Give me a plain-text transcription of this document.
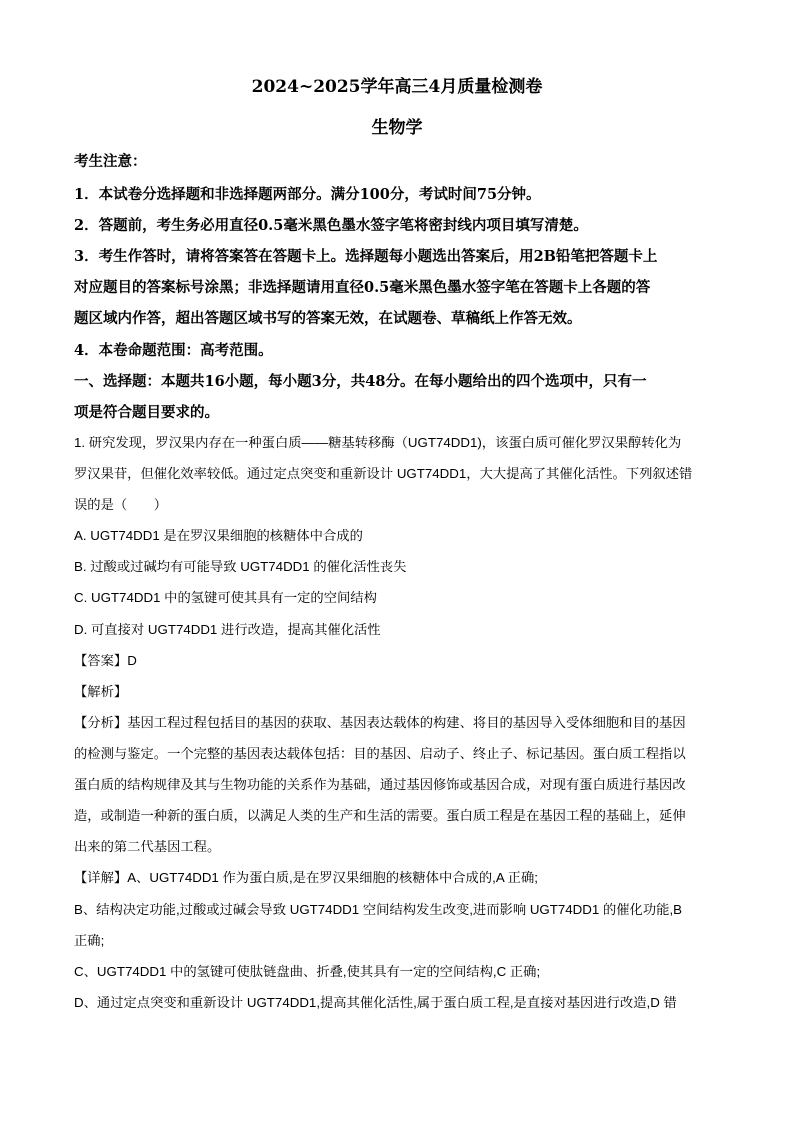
2024~2025学年高三4月质量检测卷
生物学
考生注意：
1．本试卷分选择题和非选择题两部分。满分100分，考试时间75分钟。
2．答题前，考生务必用直径0.5毫米黑色墨水签字笔将密封线内项目填写清楚。
3．考生作答时，请将答案答在答题卡上。选择题每小题选出答案后，用2B铅笔把答题卡上
对应题目的答案标号涂黑；非选择题请用直径0.5毫米黑色墨水签字笔在答题卡上各题的答
题区域内作答，超出答题区域书写的答案无效，在试题卷、草稿纸上作答无效。
4．本卷命题范围：高考范围。
一、选择题：本题共16小题，每小题3分，共48分。在每小题给出的四个选项中，只有一
项是符合题目要求的。
1. 研究发现，罗汉果内存在一种蛋白质——糖基转移酶（UGT74DD1)，该蛋白质可催化罗汉果醇转化为
罗汉果苷，但催化效率较低。通过定点突变和重新设计 UGT74DD1，大大提高了其催化活性。下列叙述错
误的是（　　）
A. UGT74DD1 是在罗汉果细胞的核糖体中合成的
B. 过酸或过碱均有可能导致 UGT74DD1 的催化活性丧失
C. UGT74DD1 中的氢键可使其具有一定的空间结构
D. 可直接对 UGT74DD1 进行改造，提高其催化活性
【答案】D
【解析】
【分析】基因工程过程包括目的基因的获取、基因表达载体的构建、将目的基因导入受体细胞和目的基因
的检测与鉴定。一个完整的基因表达载体包括：目的基因、启动子、终止子、标记基因。蛋白质工程指以
蛋白质的结构规律及其与生物功能的关系作为基础，通过基因修饰或基因合成，对现有蛋白质进行基因改
造，或制造一种新的蛋白质，以满足人类的生产和生活的需要。蛋白质工程是在基因工程的基础上，延伸
出来的第二代基因工程。
【详解】A、UGT74DD1 作为蛋白质,是在罗汉果细胞的核糖体中合成的,A 正确;
B、结构决定功能,过酸或过碱会导致 UGT74DD1 空间结构发生改变,进而影响 UGT74DD1 的催化功能,B
正确;
C、UGT74DD1 中的氢键可使肽链盘曲、折叠,使其具有一定的空间结构,C 正确;
D、通过定点突变和重新设计 UGT74DD1,提高其催化活性,属于蛋白质工程,是直接对基因进行改造,D 错
